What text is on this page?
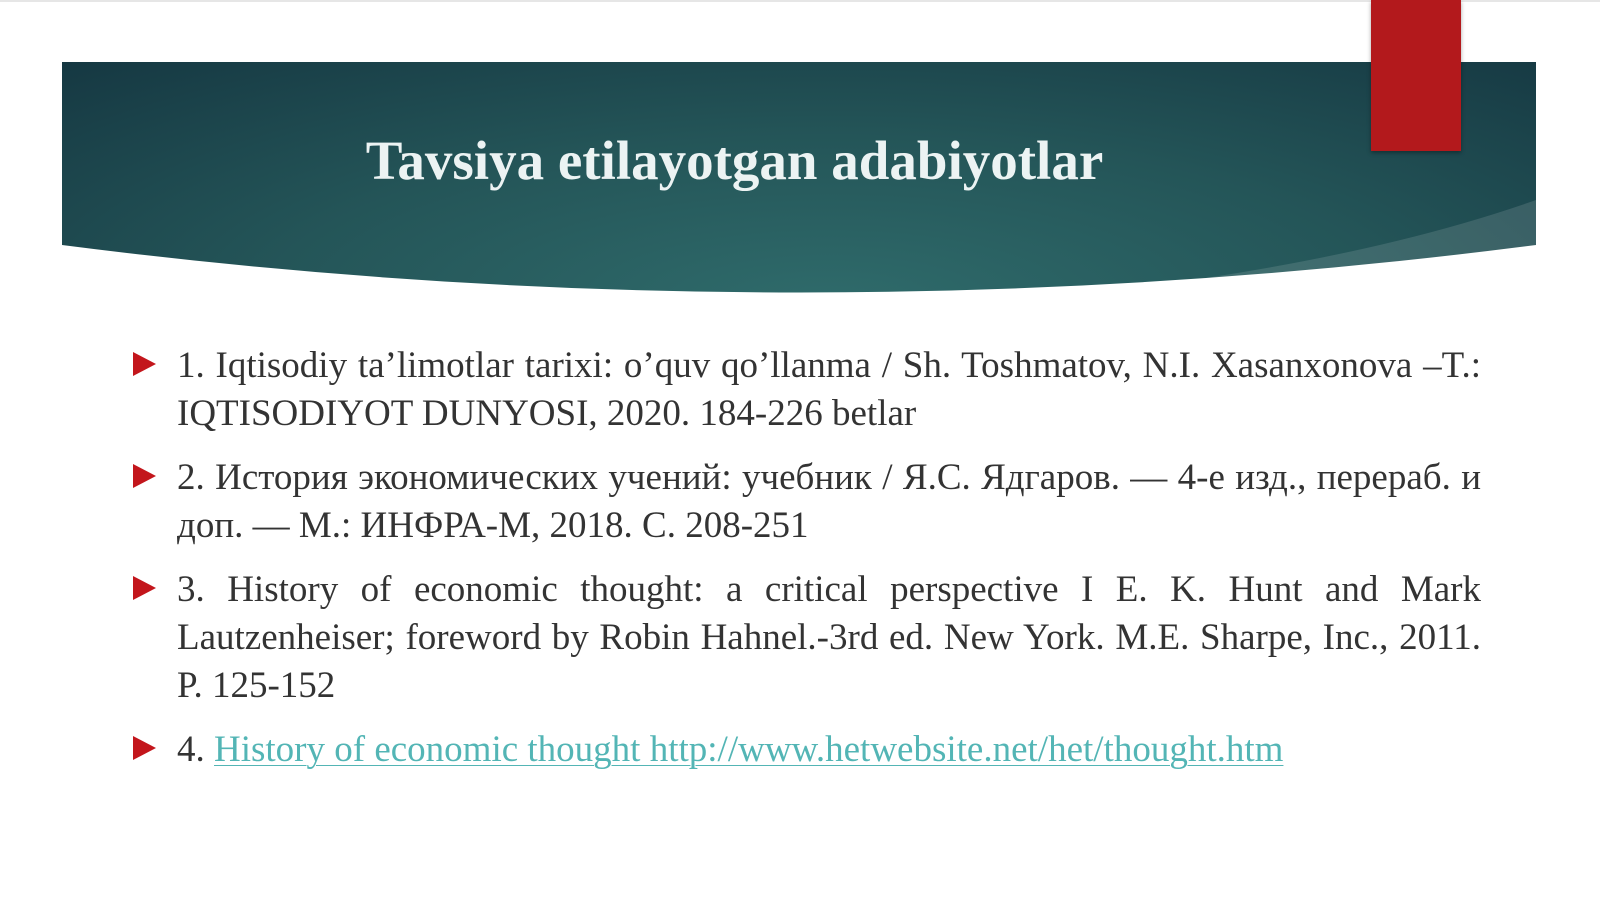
Tavsiya etilayotgan adabiyotlar
1. Iqtisodiy ta’limotlar tarixi: o’quv qo’llanma / Sh. Toshmatov, N.I. Xasanxonova –T.: IQTISODIYOT DUNYOSI, 2020. 184-226 betlar
2. История экономических учений: учебник / Я.С. Ядгаров. — 4-е изд., перераб. и доп. — М.: ИНФРА-М, 2018. С. 208-251
3. History of economic thought: a critical perspective I E. K. Hunt and Mark Lautzenheiser; foreword by Robin Hahnel.-3rd ed. New York. M.E. Sharpe, Inc., 2011. P. 125-152
4. History of economic thought http://www.hetwebsite.net/het/thought.htm
